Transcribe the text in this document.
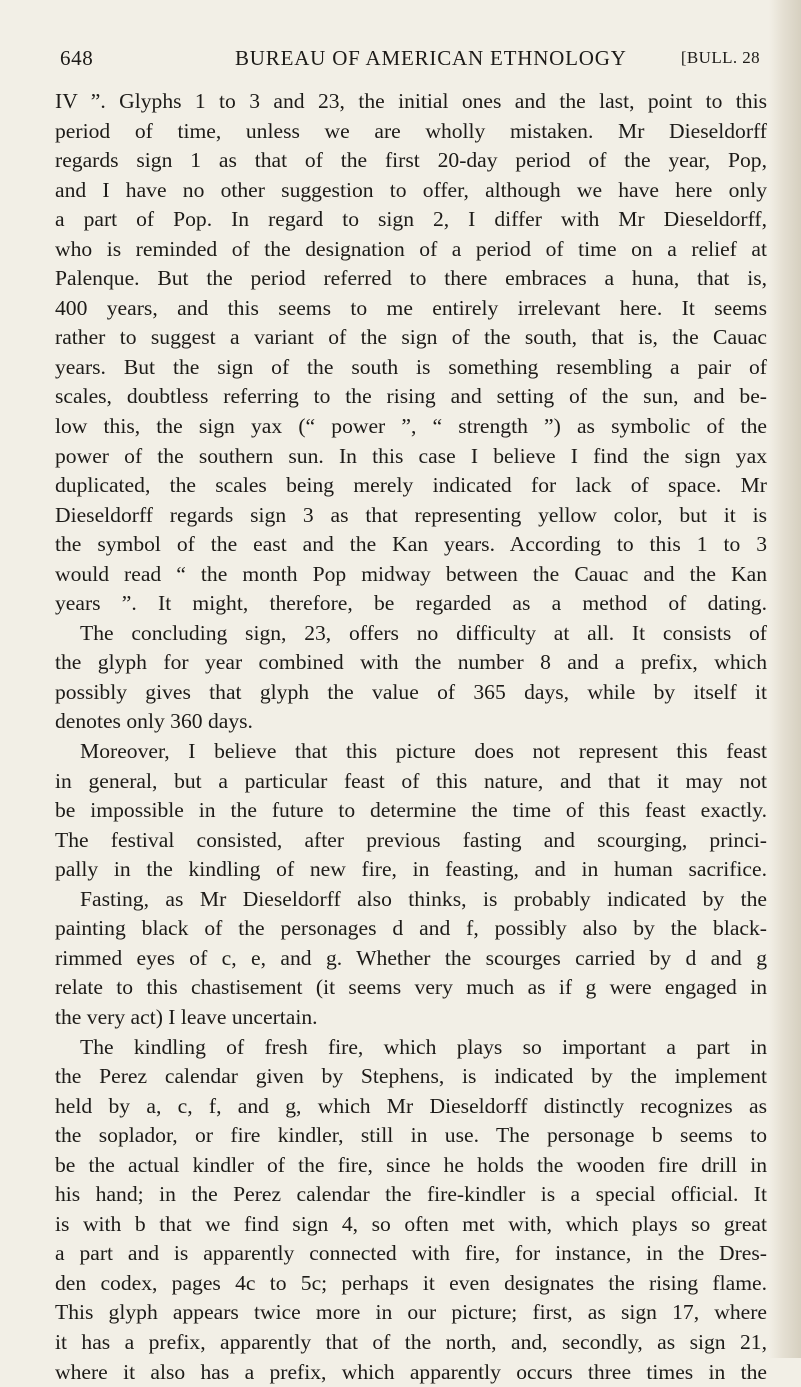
648	BUREAU OF AMERICAN ETHNOLOGY	[BULL. 28
IV ”. Glyphs 1 to 3 and 23, the initial ones and the last, point to this
period of time, unless we are wholly mistaken. Mr Dieseldorff
regards sign 1 as that of the first 20-day period of the year, Pop,
and I have no other suggestion to offer, although we have here only
a part of Pop. In regard to sign 2, I differ with Mr Dieseldorff,
who is reminded of the designation of a period of time on a relief at
Palenque. But the period referred to there embraces a huna, that is,
400 years, and this seems to me entirely irrelevant here. It seems
rather to suggest a variant of the sign of the south, that is, the Cauac
years. But the sign of the south is something resembling a pair of
scales, doubtless referring to the rising and setting of the sun, and be-
low this, the sign yax (“ power ”, “ strength ”) as symbolic of the
power of the southern sun. In this case I believe I find the sign yax
duplicated, the scales being merely indicated for lack of space. Mr
Dieseldorff regards sign 3 as that representing yellow color, but it is
the symbol of the east and the Kan years. According to this 1 to 3
would read “ the month Pop midway between the Cauac and the Kan
years ”. It might, therefore, be regarded as a method of dating.
The concluding sign, 23, offers no difficulty at all. It consists of
the glyph for year combined with the number 8 and a prefix, which
possibly gives that glyph the value of 365 days, while by itself it
denotes only 360 days.
Moreover, I believe that this picture does not represent this feast
in general, but a particular feast of this nature, and that it may not
be impossible in the future to determine the time of this feast exactly.
The festival consisted, after previous fasting and scourging, princi-
pally in the kindling of new fire, in feasting, and in human sacrifice.
Fasting, as Mr Dieseldorff also thinks, is probably indicated by the
painting black of the personages d and f, possibly also by the black-
rimmed eyes of c, e, and g. Whether the scourges carried by d and g
relate to this chastisement (it seems very much as if g were engaged in
the very act) I leave uncertain.
The kindling of fresh fire, which plays so important a part in
the Perez calendar given by Stephens, is indicated by the implement
held by a, c, f, and g, which Mr Dieseldorff distinctly recognizes as
the soplador, or fire kindler, still in use. The personage b seems to
be the actual kindler of the fire, since he holds the wooden fire drill in
his hand; in the Perez calendar the fire-kindler is a special official. It
is with b that we find sign 4, so often met with, which plays so great
a part and is apparently connected with fire, for instance, in the Dres-
den codex, pages 4c to 5c; perhaps it even designates the rising flame.
This glyph appears twice more in our picture; first, as sign 17, where
it has a prefix, apparently that of the north, and, secondly, as sign 21,
where it also has a prefix, which apparently occurs three times in the
